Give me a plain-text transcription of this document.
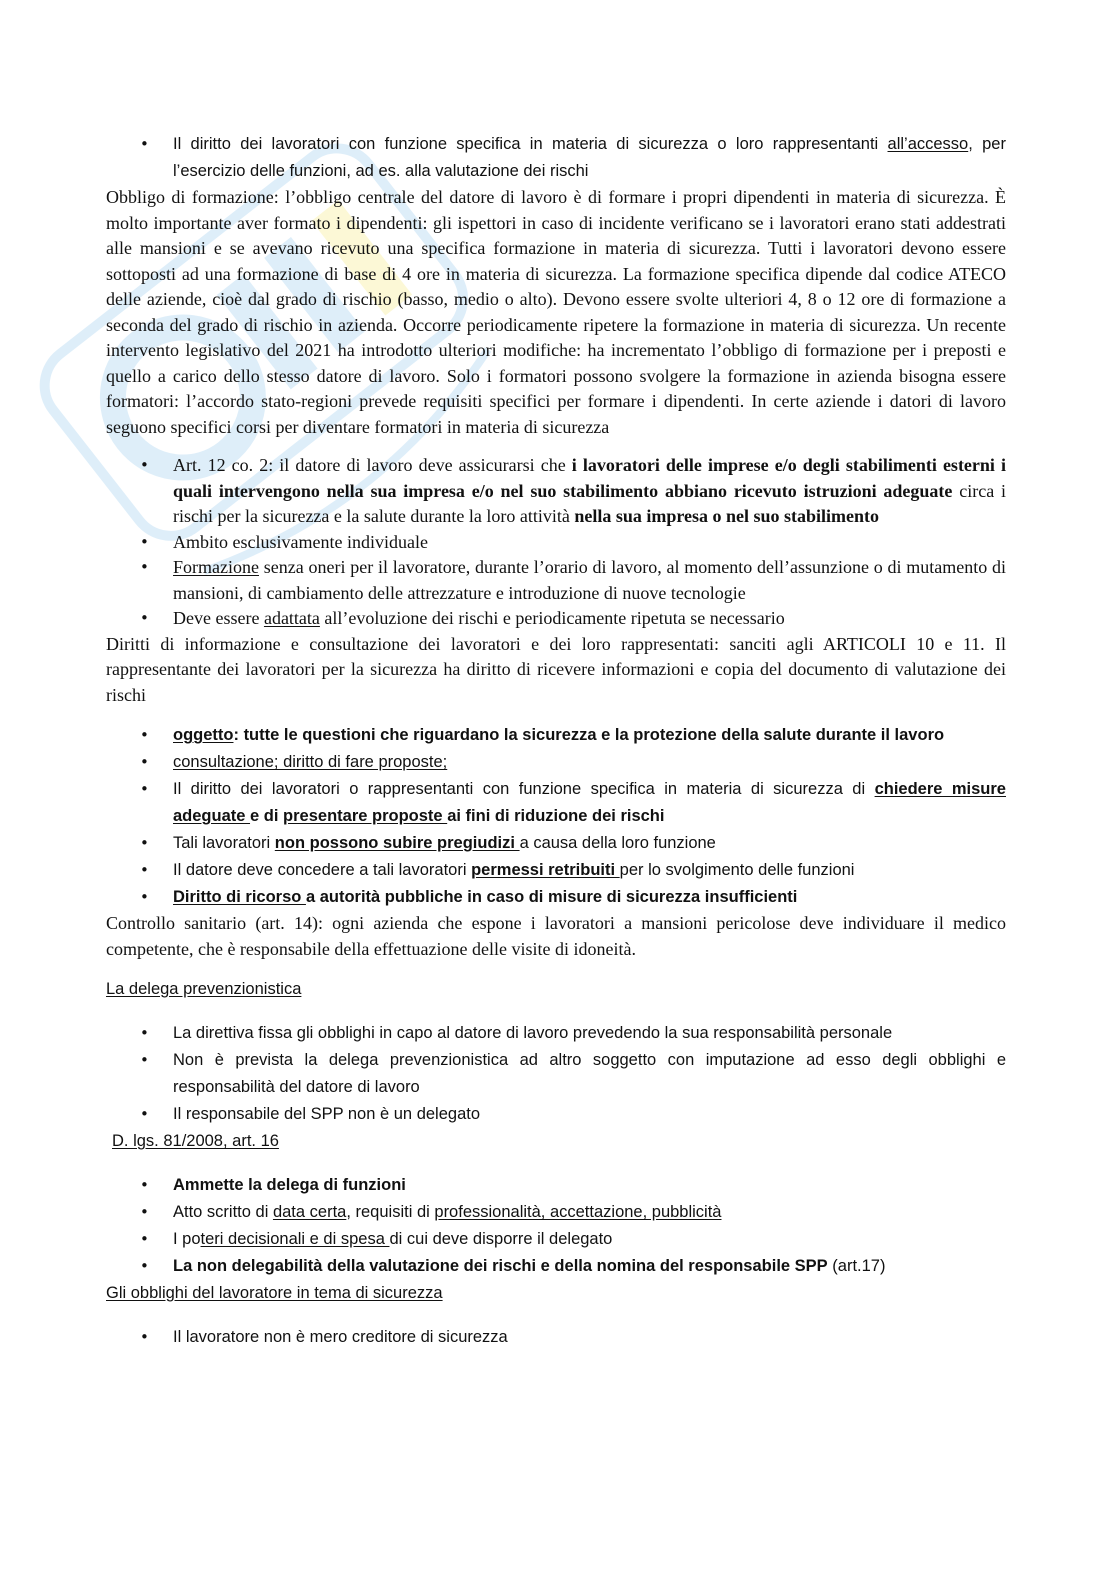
• Il diritto dei lavoratori con funzione specifica in materia di sicurezza o loro rappresentanti all’accesso, per l’esercizio delle funzioni, ad es. alla valutazione dei rischi

Obbligo di formazione: l’obbligo centrale del datore di lavoro è di formare i propri dipendenti in materia di sicurezza. È molto importante aver formato i dipendenti: gli ispettori in caso di incidente verificano se i lavoratori erano stati addestrati alle mansioni e se avevano ricevuto una specifica formazione in materia di sicurezza. Tutti i lavoratori devono essere sottoposti ad una formazione di base di 4 ore in materia di sicurezza. La formazione specifica dipende dal codice ATECO delle aziende, cioè dal grado di rischio (basso, medio o alto). Devono essere svolte ulteriori 4, 8 o 12 ore di formazione a seconda del grado di rischio in azienda. Occorre periodicamente ripetere la formazione in materia di sicurezza. Un recente intervento legislativo del 2021 ha introdotto ulteriori modifiche: ha incrementato l’obbligo di formazione per i preposti e quello a carico dello stesso datore di lavoro. Solo i formatori possono svolgere la formazione in azienda bisogna essere formatori: l’accordo stato-regioni prevede requisiti specifici per formare i dipendenti. In certe aziende i datori di lavoro seguono specifici corsi per diventare formatori in materia di sicurezza

• Art. 12 co. 2: il datore di lavoro deve assicurarsi che i lavoratori delle imprese e/o degli stabilimenti esterni i quali intervengono nella sua impresa e/o nel suo stabilimento abbiano ricevuto istruzioni adeguate circa i rischi per la sicurezza e la salute durante la loro attività nella sua impresa o nel suo stabilimento

• Ambito esclusivamente individuale

• Formazione senza oneri per il lavoratore, durante l’orario di lavoro, al momento dell’assunzione o di mutamento di mansioni, di cambiamento delle attrezzature e introduzione di nuove tecnologie

• Deve essere adattata all’evoluzione dei rischi e periodicamente ripetuta se necessario

Diritti di informazione e consultazione dei lavoratori e dei loro rappresentati: sanciti agli ARTICOLI 10 e 11. Il rappresentante dei lavoratori per la sicurezza ha diritto di ricevere informazioni e copia del documento di valutazione dei rischi

• oggetto: tutte le questioni che riguardano la sicurezza e la protezione della salute durante il lavoro

• consultazione; diritto di fare proposte;

• Il diritto dei lavoratori o rappresentanti con funzione specifica in materia di sicurezza di chiedere misure adeguate e di presentare proposte ai fini di riduzione dei rischi

• Tali lavoratori non possono subire pregiudizi a causa della loro funzione

• Il datore deve concedere a tali lavoratori permessi retribuiti per lo svolgimento delle funzioni

• Diritto di ricorso a autorità pubbliche in caso di misure di sicurezza insufficienti

Controllo sanitario (art. 14): ogni azienda che espone i lavoratori a mansioni pericolose deve individuare il medico competente, che è responsabile della effettuazione delle visite di idoneità.

La delega prevenzionistica

• La direttiva fissa gli obblighi in capo al datore di lavoro prevedendo la sua responsabilità personale

• Non è prevista la delega prevenzionistica ad altro soggetto con imputazione ad esso degli obblighi e responsabilità del datore di lavoro

• Il responsabile del SPP non è un delegato

D. lgs. 81/2008, art. 16

• Ammette la delega di funzioni

• Atto scritto di data certa, requisiti di professionalità, accettazione, pubblicità

• I poteri decisionali e di spesa di cui deve disporre il delegato

• La non delegabilità della valutazione dei rischi e della nomina del responsabile SPP (art.17)

Gli obblighi del lavoratore in tema di sicurezza

• Il lavoratore non è mero creditore di sicurezza
